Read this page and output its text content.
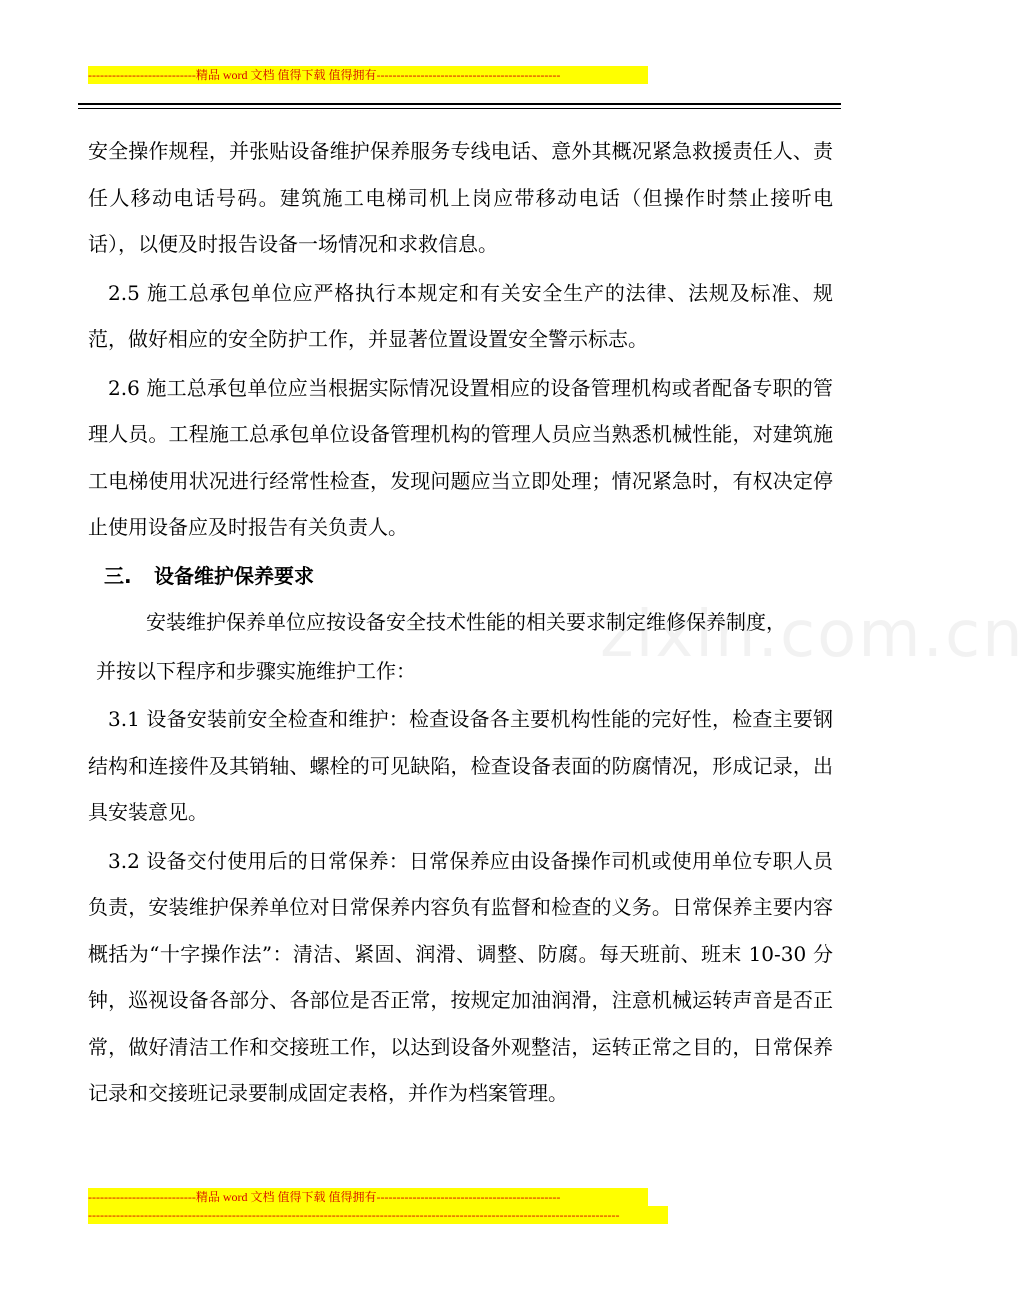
---------------------------精品 word 文档 值得下载 值得拥有----------------------------------------------
zixin.com.cn

安全操作规程，并张贴设备维护保养服务专线电话、意外其概况紧急救援责任人、责任人移动电话号码。建筑施工电梯司机上岗应带移动电话（但操作时禁止接听电话），以便及时报告设备一场情况和求救信息。

2.5 施工总承包单位应严格执行本规定和有关安全生产的法律、法规及标准、规范，做好相应的安全防护工作，并显著位置设置安全警示标志。

2.6 施工总承包单位应当根据实际情况设置相应的设备管理机构或者配备专职的管理人员。工程施工总承包单位设备管理机构的管理人员应当熟悉机械性能，对建筑施工电梯使用状况进行经常性检查，发现问题应当立即处理；情况紧急时，有权决定停止使用设备应及时报告有关负责人。

三. 设备维护保养要求

安装维护保养单位应按设备安全技术性能的相关要求制定维修保养制度，

并按以下程序和步骤实施维护工作：

3.1 设备安装前安全检查和维护：检查设备各主要机构性能的完好性，检查主要钢结构和连接件及其销轴、螺栓的可见缺陷，检查设备表面的防腐情况，形成记录，出具安装意见。

3.2 设备交付使用后的日常保养：日常保养应由设备操作司机或使用单位专职人员负责，安装维护保养单位对日常保养内容负有监督和检查的义务。日常保养主要内容概括为“十字操作法”：清洁、紧固、润滑、调整、防腐。每天班前、班末 10-30 分钟，巡视设备各部分、各部位是否正常，按规定加油润滑，注意机械运转声音是否正常，做好清洁工作和交接班工作，以达到设备外观整洁，运转正常之目的，日常保养记录和交接班记录要制成固定表格，并作为档案管理。

---------------------------精品 word 文档 值得下载 值得拥有----------------------------------------------
-------------------------------------------------------------------------------------------------------------------------------------
